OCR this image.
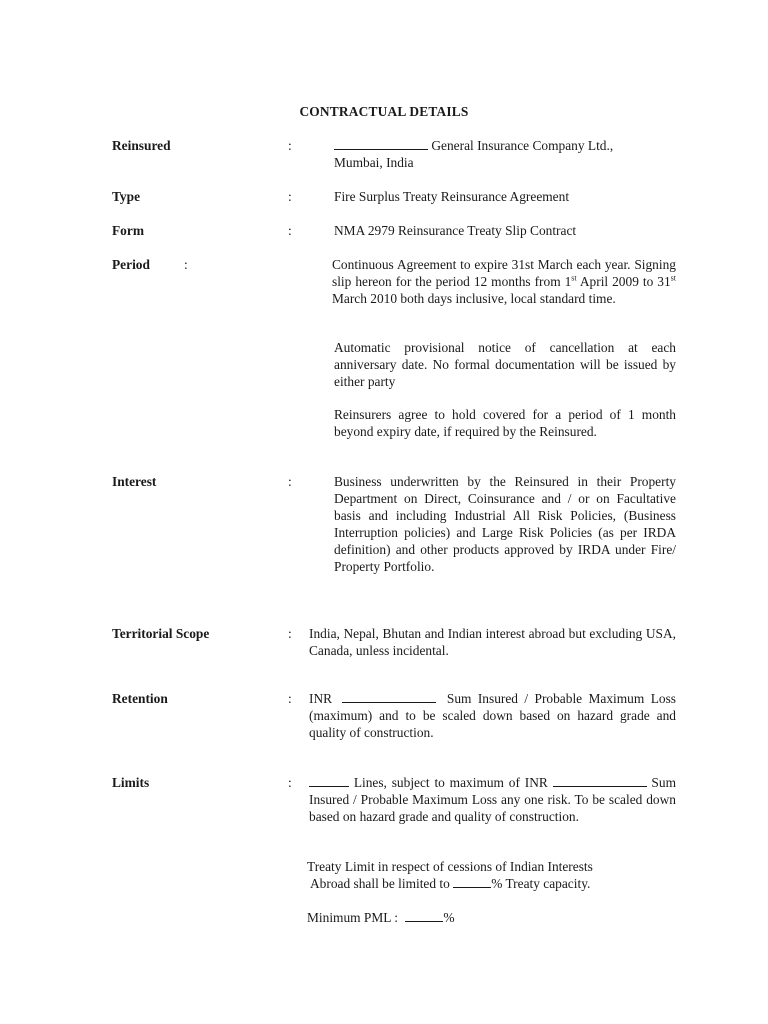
CONTRACTUAL DETAILS
Reinsured	:	General Insurance Company Ltd.,
Mumbai, India
Type	:	Fire Surplus Treaty Reinsurance Agreement
Form	:	NMA 2979 Reinsurance Treaty Slip Contract
Period	:	Continuous Agreement to expire 31st March each year. Signing slip hereon for the period 12 months from 1st April 2009 to 31st March 2010 both days inclusive, local standard time.
Automatic provisional notice of cancellation at each anniversary date. No formal documentation will be issued by either party
Reinsurers agree to hold covered for a period of 1 month beyond expiry date, if required by the Reinsured.
Interest	:	Business underwritten by the Reinsured in their Property Department on Direct, Coinsurance and / or on Facultative basis and including Industrial All Risk Policies, (Business Interruption policies) and Large Risk Policies (as per IRDA definition) and other products approved by IRDA under Fire/ Property Portfolio.
Territorial Scope	:	India, Nepal, Bhutan and Indian interest abroad but excluding USA, Canada, unless incidental.
Retention	:	INR	Sum Insured / Probable Maximum Loss (maximum) and to be scaled down based on hazard grade and quality of construction.
Limits	:	Lines, subject to maximum of INR	Sum Insured / Probable Maximum Loss any one risk. To be scaled down based on hazard grade and quality of construction.
Treaty Limit in respect of cessions of Indian Interests
Abroad shall be limited to	% Treaty capacity.
Minimum PML :	%
